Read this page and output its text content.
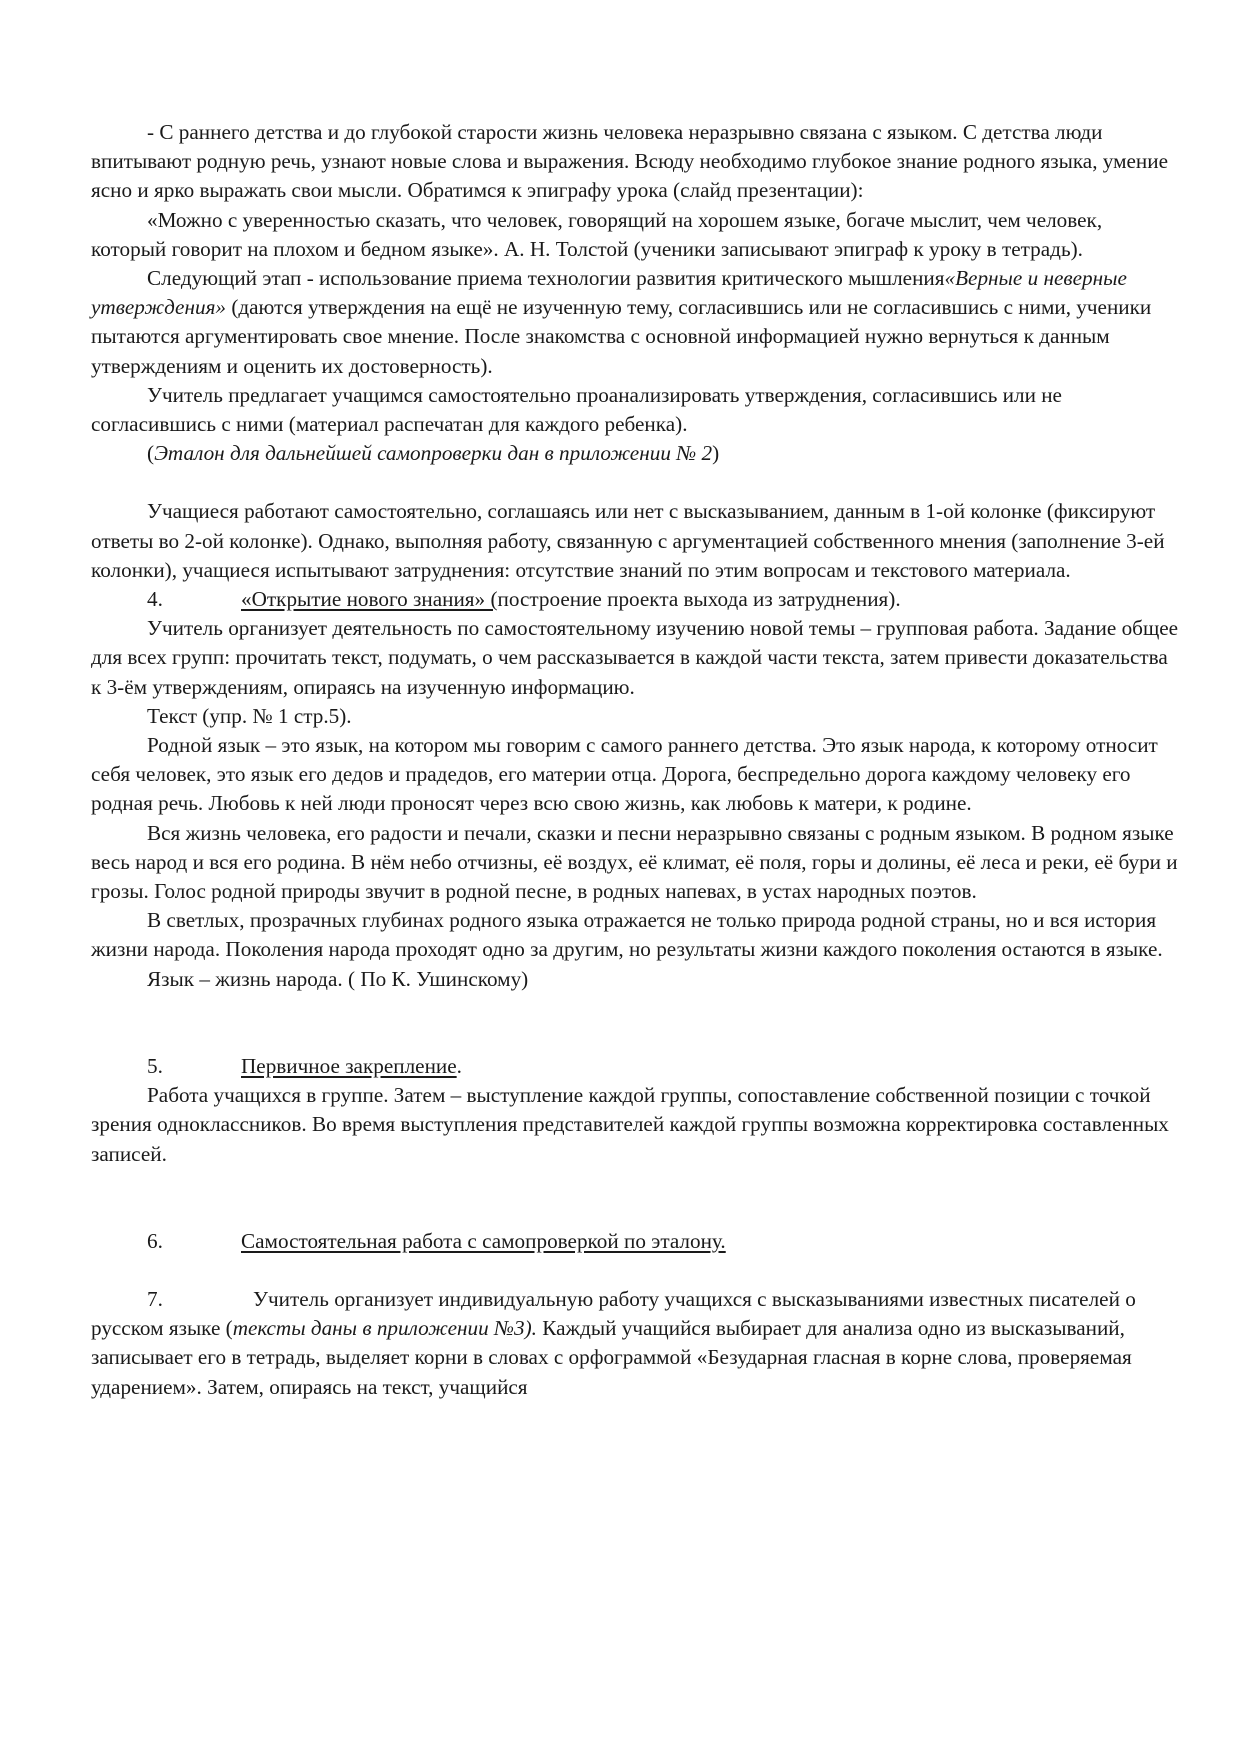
- С раннего детства и до глубокой старости жизнь человека неразрывно связана с языком. С детства люди впитывают родную речь, узнают новые слова и выражения. Всюду необходимо глубокое знание родного языка, умение ясно и ярко выражать свои мысли. Обратимся к эпиграфу урока (слайд презентации):

«Можно с уверенностью сказать, что человек, говорящий на хорошем языке, богаче мыслит, чем человек, который говорит на плохом и бедном языке». А. Н. Толстой (ученики записывают эпиграф к уроку в тетрадь).

Следующий этап - использование приема технологии развития критического мышления«Верные и неверные утверждения» (даются утверждения на ещё не изученную тему, согласившись или не согласившись с ними, ученики пытаются аргументировать свое мнение. После знакомства с основной информацией нужно вернуться к данным утверждениям и оценить их достоверность).

Учитель предлагает учащимся самостоятельно проанализировать утверждения, согласившись или не согласившись с ними (материал распечатан для каждого ребенка).

(Эталон для дальнейшей самопроверки дан в приложении № 2)

Учащиеся работают самостоятельно, соглашаясь или нет с высказыванием, данным в 1-ой колонке (фиксируют ответы во 2-ой колонке). Однако, выполняя работу, связанную с аргументацией собственного мнения (заполнение 3-ей колонки), учащиеся испытывают затруднения: отсутствие знаний по этим вопросам и текстового материала.

4.	«Открытие нового знания» (построение проекта выхода из затруднения).

Учитель организует деятельность по самостоятельному изучению новой темы – групповая работа. Задание общее для всех групп: прочитать текст, подумать, о чем рассказывается в каждой части текста, затем привести доказательства к 3-ём утверждениям, опираясь на изученную информацию.

Текст (упр. № 1 стр.5).

Родной язык – это язык, на котором мы говорим с самого раннего детства. Это язык народа, к которому относит себя человек, это язык его дедов и прадедов, его материи отца. Дорога, беспредельно дорога каждому человеку его родная речь. Любовь к ней люди проносят через всю свою жизнь, как любовь к матери, к родине.

Вся жизнь человека, его радости и печали, сказки и песни неразрывно связаны с родным языком. В родном языке весь народ и вся его родина. В нём небо отчизны, её воздух, её климат, её поля, горы и долины, её леса и реки, её бури и грозы. Голос родной природы звучит в родной песне, в родных напевах, в устах народных поэтов.

В светлых, прозрачных глубинах родного языка отражается не только природа родной страны, но и вся история жизни народа. Поколения народа проходят одно за другим, но результаты жизни каждого поколения остаются в языке.

Язык – жизнь народа. ( По К. Ушинскому)

5.	Первичное закрепление.

Работа учащихся в группе. Затем – выступление каждой группы, сопоставление собственной позиции с точкой зрения одноклассников. Во время выступления представителей каждой группы возможна корректировка составленных записей.

6.	Самостоятельная работа с самопроверкой по эталону.

7.	Учитель организует индивидуальную работу учащихся с высказываниями известных писателей о русском языке (тексты даны в приложении №3). Каждый учащийся выбирает для анализа одно из высказываний, записывает его в тетрадь, выделяет корни в словах с орфограммой «Безударная гласная в корне слова, проверяемая ударением». Затем, опираясь на текст, учащийся
